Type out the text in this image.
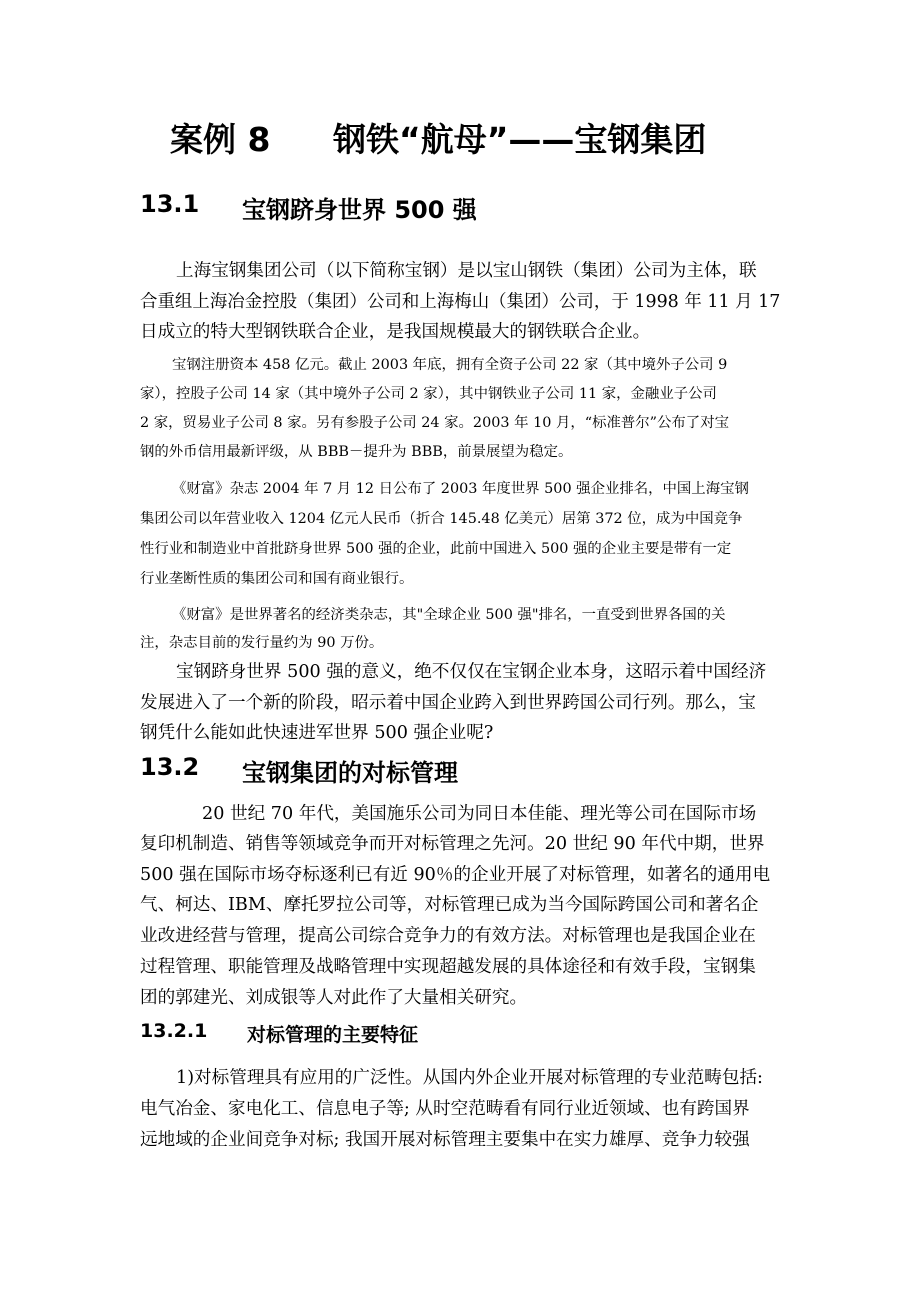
案例 8 钢铁“航母”——宝钢集团
13.1 宝钢跻身世界 500 强
上海宝钢集团公司（以下简称宝钢）是以宝山钢铁（集团）公司为主体，联
合重组上海冶金控股（集团）公司和上海梅山（集团）公司，于 1998 年 11 月 17
日成立的特大型钢铁联合企业，是我国规模最大的钢铁联合企业。
宝钢注册资本 458 亿元。截止 2003 年底，拥有全资子公司 22 家（其中境外子公司 9
家），控股子公司 14 家（其中境外子公司 2 家），其中钢铁业子公司 11 家，金融业子公司
2 家，贸易业子公司 8 家。另有参股子公司 24 家。2003 年 10 月，“标准普尔”公布了对宝
钢的外币信用最新评级，从 BBB－提升为 BBB，前景展望为稳定。
《财富》杂志 2004 年 7 月 12 日公布了 2003 年度世界 500 强企业排名，中国上海宝钢
集团公司以年营业收入 1204 亿元人民币（折合 145.48 亿美元）居第 372 位，成为中国竞争
性行业和制造业中首批跻身世界 500 强的企业，此前中国进入 500 强的企业主要是带有一定
行业垄断性质的集团公司和国有商业银行。
《财富》是世界著名的经济类杂志，其"全球企业 500 强"排名，一直受到世界各国的关
注，杂志目前的发行量约为 90 万份。
宝钢跻身世界 500 强的意义，绝不仅仅在宝钢企业本身，这昭示着中国经济
发展进入了一个新的阶段，昭示着中国企业跨入到世界跨国公司行列。那么，宝
钢凭什么能如此快速进军世界 500 强企业呢?
13.2 宝钢集团的对标管理
20 世纪 70 年代，美国施乐公司为同日本佳能、理光等公司在国际市场
复印机制造、销售等领域竞争而开对标管理之先河。20 世纪 90 年代中期，世界
500 强在国际市场夺标逐利已有近 90％的企业开展了对标管理，如著名的通用电
气、柯达、IBM、摩托罗拉公司等，对标管理已成为当今国际跨国公司和著名企
业改进经营与管理，提高公司综合竞争力的有效方法。对标管理也是我国企业在
过程管理、职能管理及战略管理中实现超越发展的具体途径和有效手段，宝钢集
团的郭建光、刘成银等人对此作了大量相关研究。
13.2.1 对标管理的主要特征
1)对标管理具有应用的广泛性。从国内外企业开展对标管理的专业范畴包括:
电气冶金、家电化工、信息电子等; 从时空范畴看有同行业近领域、也有跨国界
远地域的企业间竞争对标; 我国开展对标管理主要集中在实力雄厚、竞争力较强
